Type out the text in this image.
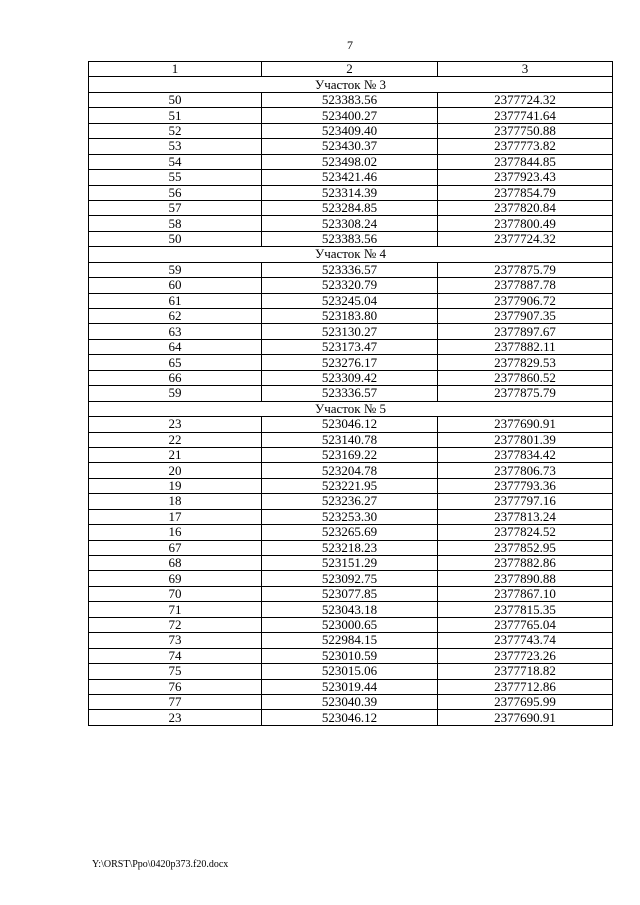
7
1	2	3
Участок № 3		
50	523383.56	2377724.32
51	523400.27	2377741.64
52	523409.40	2377750.88
53	523430.37	2377773.82
54	523498.02	2377844.85
55	523421.46	2377923.43
56	523314.39	2377854.79
57	523284.85	2377820.84
58	523308.24	2377800.49
50	523383.56	2377724.32
Участок № 4		
59	523336.57	2377875.79
60	523320.79	2377887.78
61	523245.04	2377906.72
62	523183.80	2377907.35
63	523130.27	2377897.67
64	523173.47	2377882.11
65	523276.17	2377829.53
66	523309.42	2377860.52
59	523336.57	2377875.79
Участок № 5		
23	523046.12	2377690.91
22	523140.78	2377801.39
21	523169.22	2377834.42
20	523204.78	2377806.73
19	523221.95	2377793.36
18	523236.27	2377797.16
17	523253.30	2377813.24
16	523265.69	2377824.52
67	523218.23	2377852.95
68	523151.29	2377882.86
69	523092.75	2377890.88
70	523077.85	2377867.10
71	523043.18	2377815.35
72	523000.65	2377765.04
73	522984.15	2377743.74
74	523010.59	2377723.26
75	523015.06	2377718.82
76	523019.44	2377712.86
77	523040.39	2377695.99
23	523046.12	2377690.91
Y:\ORST\Ppo\0420p373.f20.docx
